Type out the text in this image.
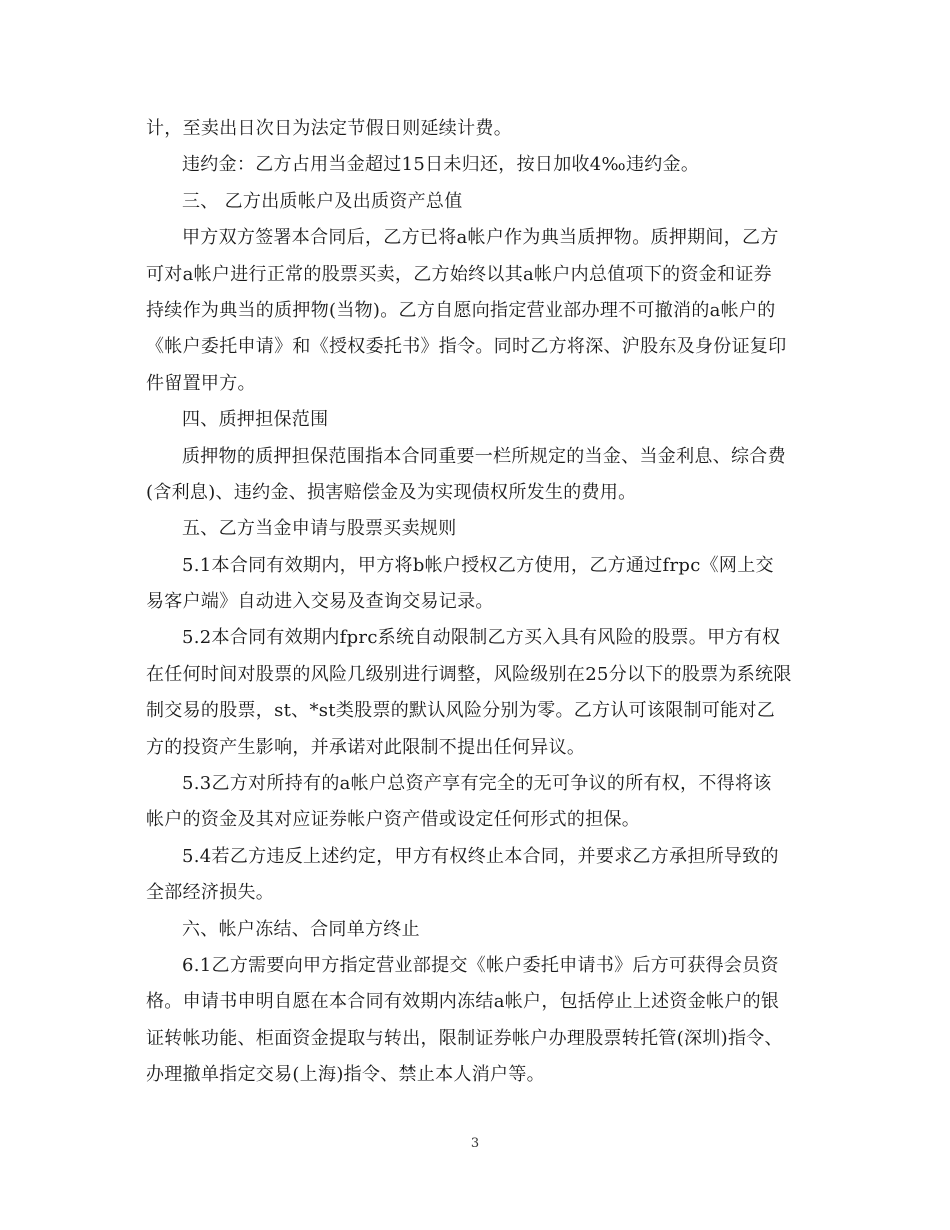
计，至卖出日次日为法定节假日则延续计费。
违约金：乙方占用当金超过15日未归还，按日加收4‰违约金。
三、 乙方出质帐户及出质资产总值
甲方双方签署本合同后，乙方已将a帐户作为典当质押物。质押期间，乙方
可对a帐户进行正常的股票买卖，乙方始终以其a帐户内总值项下的资金和证券
持续作为典当的质押物(当物)。乙方自愿向指定营业部办理不可撤消的a帐户的
《帐户委托申请》和《授权委托书》指令。同时乙方将深、沪股东及身份证复印
件留置甲方。
四、质押担保范围
质押物的质押担保范围指本合同重要一栏所规定的当金、当金利息、综合费
(含利息)、违约金、损害赔偿金及为实现债权所发生的费用。
五、乙方当金申请与股票买卖规则
5.1本合同有效期内，甲方将b帐户授权乙方使用，乙方通过frpc《网上交
易客户端》自动进入交易及查询交易记录。
5.2本合同有效期内fprc系统自动限制乙方买入具有风险的股票。甲方有权
在任何时间对股票的风险几级别进行调整，风险级别在25分以下的股票为系统限
制交易的股票，st、*st类股票的默认风险分别为零。乙方认可该限制可能对乙
方的投资产生影响，并承诺对此限制不提出任何异议。
5.3乙方对所持有的a帐户总资产享有完全的无可争议的所有权，不得将该
帐户的资金及其对应证券帐户资产借或设定任何形式的担保。
5.4若乙方违反上述约定，甲方有权终止本合同，并要求乙方承担所导致的
全部经济损失。
六、帐户冻结、合同单方终止
6.1乙方需要向甲方指定营业部提交《帐户委托申请书》后方可获得会员资
格。申请书申明自愿在本合同有效期内冻结a帐户，包括停止上述资金帐户的银
证转帐功能、柜面资金提取与转出，限制证券帐户办理股票转托管(深圳)指令、
办理撤单指定交易(上海)指令、禁止本人消户等。
3
